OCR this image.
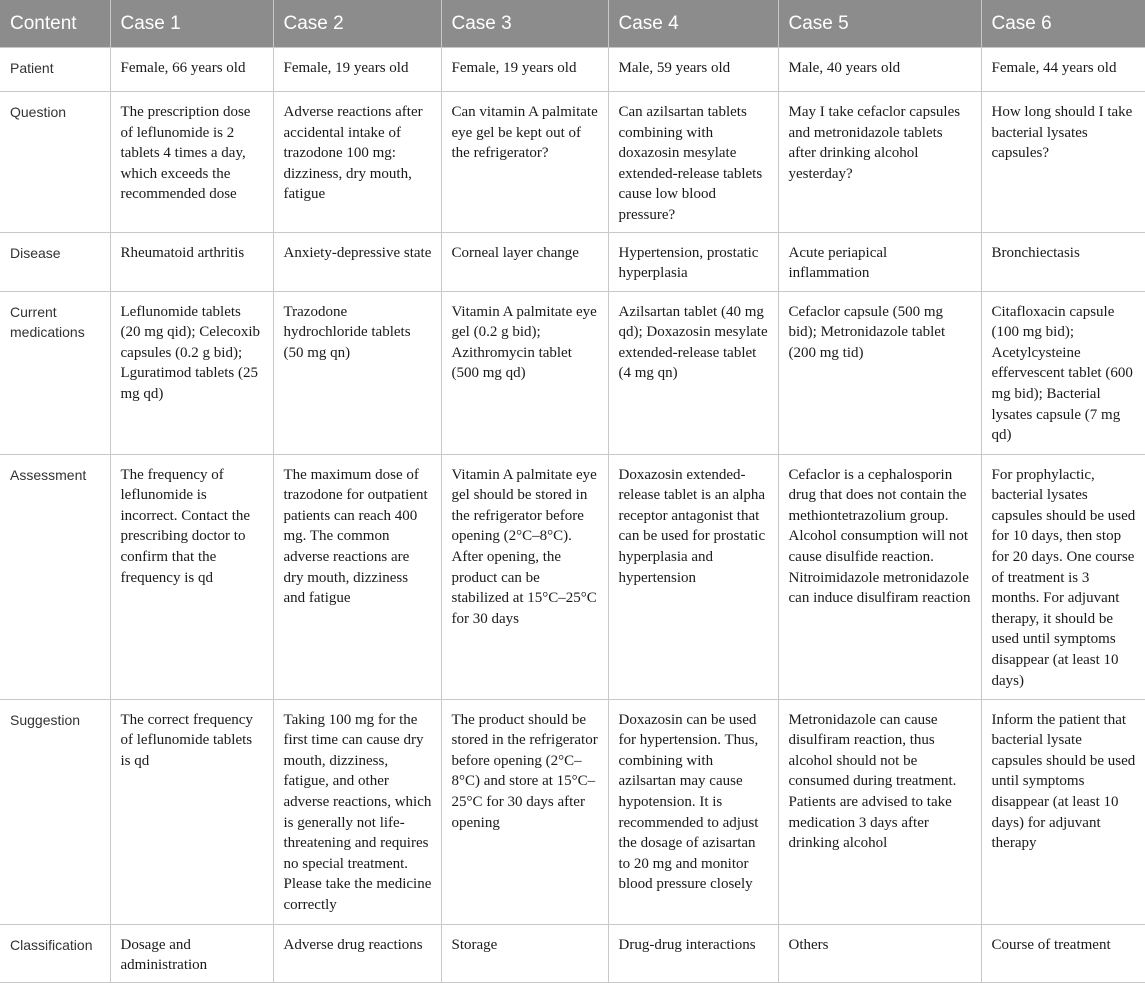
Content	Case 1	Case 2	Case 3	Case 4	Case 5	Case 6
Patient	Female, 66 years old	Female, 19 years old	Female, 19 years old	Male, 59 years old	Male, 40 years old	Female, 44 years old
Question	The prescription dose of leflunomide is 2 tablets 4 times a day, which exceeds the recommended dose	Adverse reactions after accidental intake of trazodone 100 mg: dizziness, dry mouth, fatigue	Can vitamin A palmitate eye gel be kept out of the refrigerator?	Can azilsartan tablets combining with doxazosin mesylate extended-release tablets cause low blood pressure?	May I take cefaclor capsules and metronidazole tablets after drinking alcohol yesterday?	How long should I take bacterial lysates capsules?
Disease	Rheumatoid arthritis	Anxiety-depressive state	Corneal layer change	Hypertension, prostatic hyperplasia	Acute periapical inflammation	Bronchiectasis
Current medications	Leflunomide tablets (20 mg qid); Celecoxib capsules (0.2 g bid); Lguratimod tablets (25 mg qd)	Trazodone hydrochloride tablets (50 mg qn)	Vitamin A palmitate eye gel (0.2 g bid); Azithromycin tablet (500 mg qd)	Azilsartan tablet (40 mg qd); Doxazosin mesylate extended-release tablet (4 mg qn)	Cefaclor capsule (500 mg bid); Metronidazole tablet (200 mg tid)	Citafloxacin capsule (100 mg bid); Acetylcysteine effervescent tablet (600 mg bid); Bacterial lysates capsule (7 mg qd)
Assessment	The frequency of leflunomide is incorrect. Contact the prescribing doctor to confirm that the frequency is qd	The maximum dose of trazodone for outpatient patients can reach 400 mg. The common adverse reactions are dry mouth, dizziness and fatigue	Vitamin A palmitate eye gel should be stored in the refrigerator before opening (2°C–8°C). After opening, the product can be stabilized at 15°C–25°C for 30 days	Doxazosin extended-release tablet is an alpha receptor antagonist that can be used for prostatic hyperplasia and hypertension	Cefaclor is a cephalosporin drug that does not contain the methiontetrazolium group. Alcohol consumption will not cause disulfide reaction. Nitroimidazole metronidazole can induce disulfiram reaction	For prophylactic, bacterial lysates capsules should be used for 10 days, then stop for 20 days. One course of treatment is 3 months. For adjuvant therapy, it should be used until symptoms disappear (at least 10 days)
Suggestion	The correct frequency of leflunomide tablets is qd	Taking 100 mg for the first time can cause dry mouth, dizziness, fatigue, and other adverse reactions, which is generally not life-threatening and requires no special treatment. Please take the medicine correctly	The product should be stored in the refrigerator before opening (2°C–8°C) and store at 15°C–25°C for 30 days after opening	Doxazosin can be used for hypertension. Thus, combining with azilsartan may cause hypotension. It is recommended to adjust the dosage of azisartan to 20 mg and monitor blood pressure closely	Metronidazole can cause disulfiram reaction, thus alcohol should not be consumed during treatment. Patients are advised to take medication 3 days after drinking alcohol	Inform the patient that bacterial lysate capsules should be used until symptoms disappear (at least 10 days) for adjuvant therapy
Classification	Dosage and administration	Adverse drug reactions	Storage	Drug-drug interactions	Others	Course of treatment
